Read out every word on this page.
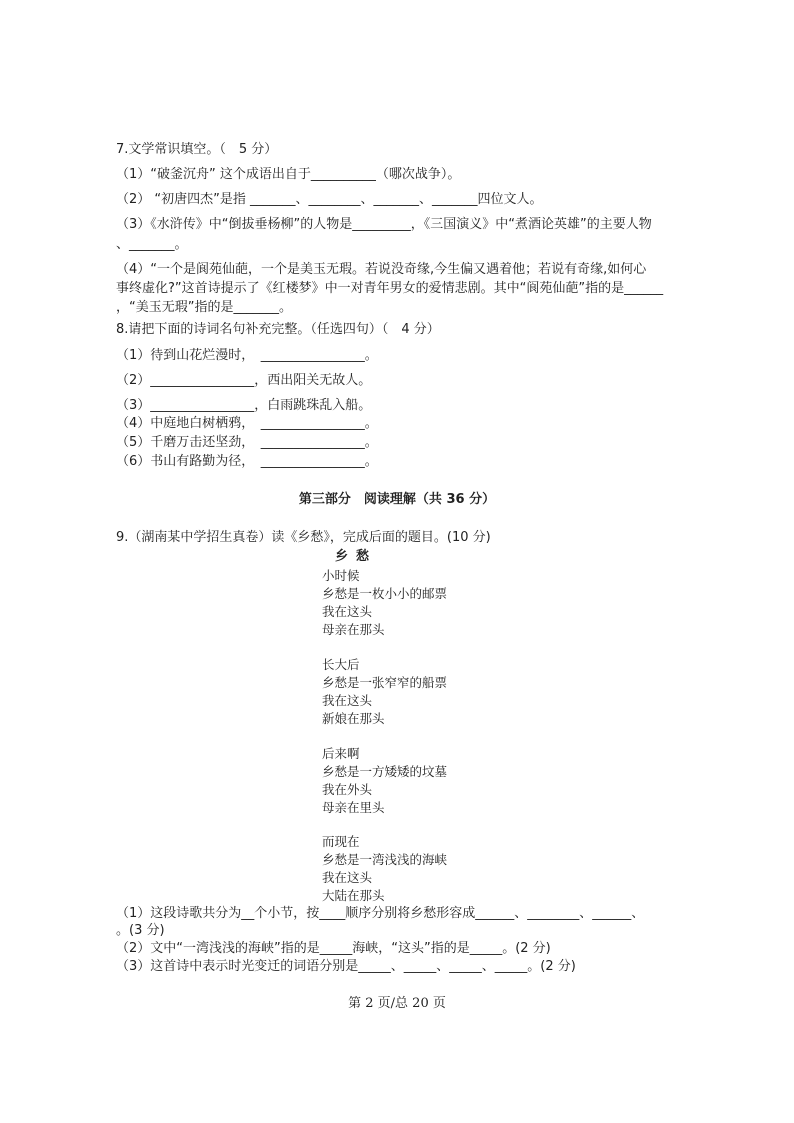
7.文学常识填空。（　5 分）
（1）“破釜沉舟” 这个成语出自于__________（哪次战争）。
（2） “初唐四杰”是指 _______、________、_______、_______四位文人。
（3）《水浒传》中“倒拔垂杨柳”的人物是_________，《三国演义》中“煮酒论英雄”的主要人物
、_______。
（4）“一个是阆苑仙葩，一个是美玉无瑕。若说没奇缘,今生偏又遇着他；若说有奇缘,如何心
事终虚化?”这首诗提示了《红楼梦》中一对青年男女的爱情悲剧。其中“阆苑仙葩”指的是______
，“美玉无瑕”指的是_______。
8.请把下面的诗词名句补充完整。（任选四句）（　4 分）
（1）待到山花烂漫时，　________________。
（2）________________，西出阳关无故人。
（3）________________，白雨跳珠乱入船。
（4）中庭地白树栖鸦，　________________。
（5）千磨万击还坚劲，　________________。
（6）书山有路勤为径，　________________。
第三部分　阅读理解（共 36 分）
9.（湖南某中学招生真卷）读《乡愁》，完成后面的题目。(10 分)
乡愁
小时候
乡愁是一枚小小的邮票
我在这头
母亲在那头
长大后
乡愁是一张窄窄的船票
我在这头
新娘在那头
后来啊
乡愁是一方矮矮的坟墓
我在外头
母亲在里头
而现在
乡愁是一湾浅浅的海峡
我在这头
大陆在那头
（1）这段诗歌共分为__个小节，按____顺序分别将乡愁形容成______、________、______、
。(3 分)
（2）文中“一湾浅浅的海峡”指的是_____海峡，“这头”指的是_____。(2 分)
（3）这首诗中表示时光变迁的词语分别是_____、_____、_____、_____。(2 分)
第 2 页/总 20 页
